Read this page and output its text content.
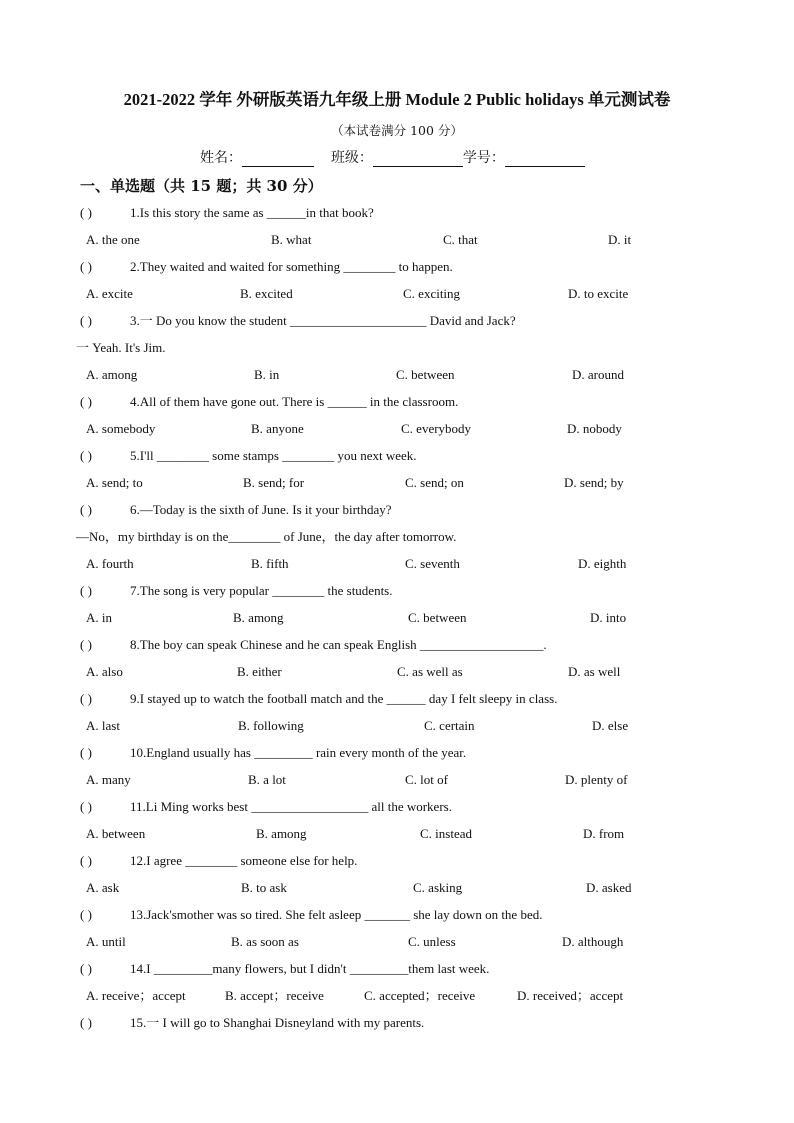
2021-2022 学年 外研版英语九年级上册 Module 2 Public holidays 单元测试卷
（本试卷满分 100 分）
姓名：	班级：	学号：
一、单选题（共 15 题；共 30 分）
( )	1.Is this story the same as ______in that book?
A. the one	B. what	C. that	D. it
( )	2.They waited and waited for something ________ to happen.
A. excite	B. excited	C. exciting	D. to excite
( )	3.一 Do you know the student _____________________ David and Jack?
一 Yeah. It's Jim.
A. among	B. in	C. between	D. around
( )	4.All of them have gone out. There is ______ in the classroom.
A. somebody	B. anyone	C. everybody	D. nobody
( )	5.I'll ________ some stamps ________ you next week.
A. send; to	B. send; for	C. send; on	D. send; by
( )	6.—Today is the sixth of June. Is it your birthday?
—No，my birthday is on the________ of June，the day after tomorrow.
A. fourth	B. fifth	C. seventh	D. eighth
( )	7.The song is very popular ________ the students.
A. in	B. among	C. between	D. into
( )	8.The boy can speak Chinese and he can speak English ___________________.
A. also	B. either	C. as well as	D. as well
( )	9.I stayed up to watch the football match and the ______ day I felt sleepy in class.
A. last	B. following	C. certain	D. else
( )	10.England usually has _________ rain every month of the year.
A. many	B. a lot	C. lot of	D. plenty of
( )	11.Li Ming works best __________________ all the workers.
A. between	B. among	C. instead	D. from
( )	12.I agree ________ someone else for help.
A. ask	B. to ask	C. asking	D. asked
( )	13.Jack'smother was so tired. She felt asleep _______ she lay down on the bed.
A. until	B. as soon as	C. unless	D. although
( )	14.I _________many flowers, but I didn't _________them last week.
A. receive；accept	B. accept；receive	C. accepted；receive	D. received；accept
( )	15.一 I will go to Shanghai Disneyland with my parents.
